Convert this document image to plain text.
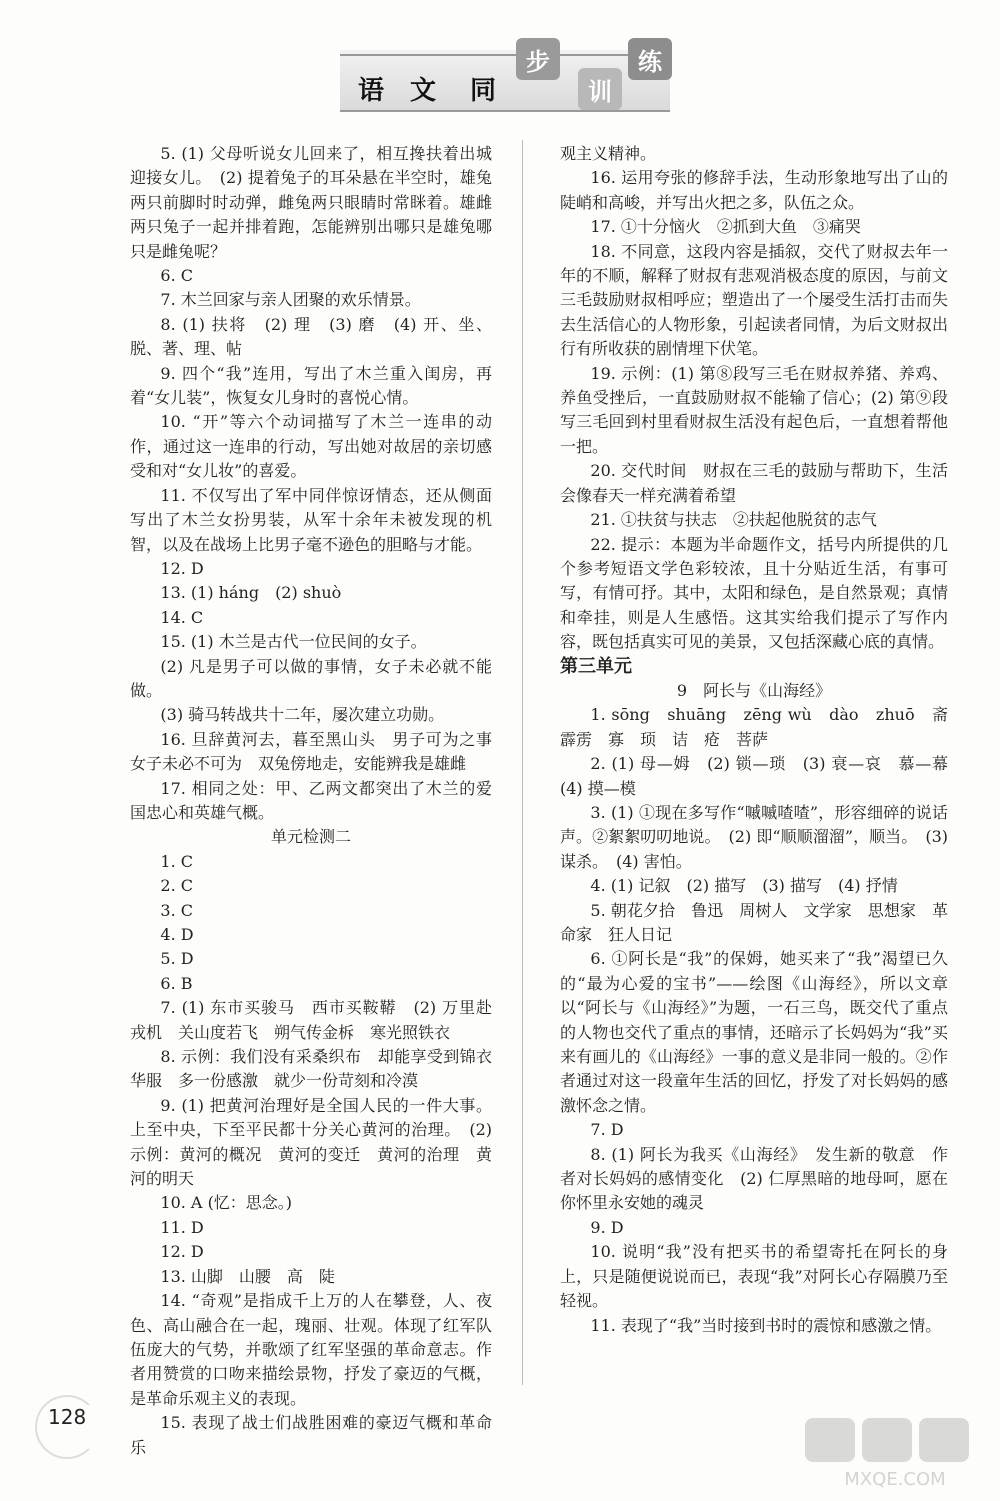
语 文 同
步
训
练

5. (1) 父母听说女儿回来了，相互搀扶着出城迎接女儿。　(2) 提着兔子的耳朵悬在半空时，雄兔两只前脚时时动弹，雌兔两只眼睛时常眯着。雄雌两只兔子一起并排着跑，怎能辨别出哪只是雄兔哪只是雌兔呢？

6. C

7. 木兰回家与亲人团聚的欢乐情景。

8. (1) 扶将　(2) 理　(3) 磨　(4) 开、坐、脱、著、理、帖

9. 四个“我”连用，写出了木兰重入闺房，再着“女儿装”，恢复女儿身时的喜悦心情。

10. “开”等六个动词描写了木兰一连串的动作，通过这一连串的行动，写出她对故居的亲切感受和对“女儿妆”的喜爱。

11. 不仅写出了军中同伴惊讶情态，还从侧面写出了木兰女扮男装，从军十余年未被发现的机智，以及在战场上比男子毫不逊色的胆略与才能。

12. D

13. (1) háng　(2) shuò

14. C

15. (1) 木兰是古代一位民间的女子。

(2) 凡是男子可以做的事情，女子未必就不能做。

(3) 骑马转战共十二年，屡次建立功勋。

16. 旦辞黄河去，暮至黑山头　男子可为之事女子未必不可为　双兔傍地走，安能辨我是雄雌

17. 相同之处：甲、乙两文都突出了木兰的爱国忠心和英雄气概。

单元检测二

1. C

2. C

3. C

4. D

5. D

6. B

7. (1) 东市买骏马　西市买鞍鞯　(2) 万里赴戎机　关山度若飞　朔气传金柝　寒光照铁衣

8. 示例：我们没有采桑织布　却能享受到锦衣华服　多一份感激　就少一份苛刻和冷漠

9. (1) 把黄河治理好是全国人民的一件大事。上至中央，下至平民都十分关心黄河的治理。　(2) 示例：黄河的概况　黄河的变迁　黄河的治理　黄河的明天

10. A (忆：思念。)

11. D

12. D

13. 山脚　山腰　高　陡

14. “奇观”是指成千上万的人在攀登，人、夜色、高山融合在一起，瑰丽、壮观。体现了红军队伍庞大的气势，并歌颂了红军坚强的革命意志。作者用赞赏的口吻来描绘景物，抒发了豪迈的气概，是革命乐观主义的表现。

15. 表现了战士们战胜困难的豪迈气概和革命乐

观主义精神。

16. 运用夸张的修辞手法，生动形象地写出了山的陡峭和高峻，并写出火把之多，队伍之众。

17. ①十分恼火　②抓到大鱼　③痛哭

18. 不同意，这段内容是插叙，交代了财叔去年一年的不顺，解释了财叔有悲观消极态度的原因，与前文三毛鼓励财叔相呼应；塑造出了一个屡受生活打击而失去生活信心的人物形象，引起读者同情，为后文财叔出行有所收获的剧情埋下伏笔。

19. 示例：(1) 第⑧段写三毛在财叔养猪、养鸡、养鱼受挫后，一直鼓励财叔不能输了信心；(2) 第⑨段写三毛回到村里看财叔生活没有起色后，一直想着帮他一把。

20. 交代时间　财叔在三毛的鼓励与帮助下，生活会像春天一样充满着希望

21. ①扶贫与扶志　②扶起他脱贫的志气

22. 提示：本题为半命题作文，括号内所提供的几个参考短语文学色彩较浓，且十分贴近生活，有事可写，有情可抒。其中，太阳和绿色，是自然景观；真情和牵挂，则是人生感悟。这其实给我们提示了写作内容，既包括真实可见的美景，又包括深藏心底的真情。

第三单元

9　阿长与《山海经》

1. sōng　shuāng　zēng wù　dào　zhuō　斋　霹雳　寡　顼　诘　疮　菩萨

2. (1) 母—姆　(2) 锁—琐　(3) 衰—哀　慕—幕　(4) 摸—模

3. (1) ①现在多写作“嘁嘁喳喳”，形容细碎的说话声。②絮絮叨叨地说。　(2) 即“顺顺溜溜”，顺当。　(3) 谋杀。　(4) 害怕。

4. (1) 记叙　(2) 描写　(3) 描写　(4) 抒情

5. 朝花夕拾　鲁迅　周树人　文学家　思想家　革命家　狂人日记

6. ①阿长是“我”的保姆，她买来了“我”渴望已久的“最为心爱的宝书”——绘图《山海经》，所以文章以“阿长与《山海经》”为题，一石三鸟，既交代了重点的人物也交代了重点的事情，还暗示了长妈妈为“我”买来有画儿的《山海经》一事的意义是非同一般的。②作者通过对这一段童年生活的回忆，抒发了对长妈妈的感激怀念之情。

7. D

8. (1) 阿长为我买《山海经》　发生新的敬意　作者对长妈妈的感情变化　(2) 仁厚黑暗的地母呵，愿在你怀里永安她的魂灵

9. D

10. 说明“我”没有把买书的希望寄托在阿长的身上，只是随便说说而已，表现“我”对阿长心存隔膜乃至轻视。

11. 表现了“我”当时接到书时的震惊和感激之情。

128
MXQE.COM
